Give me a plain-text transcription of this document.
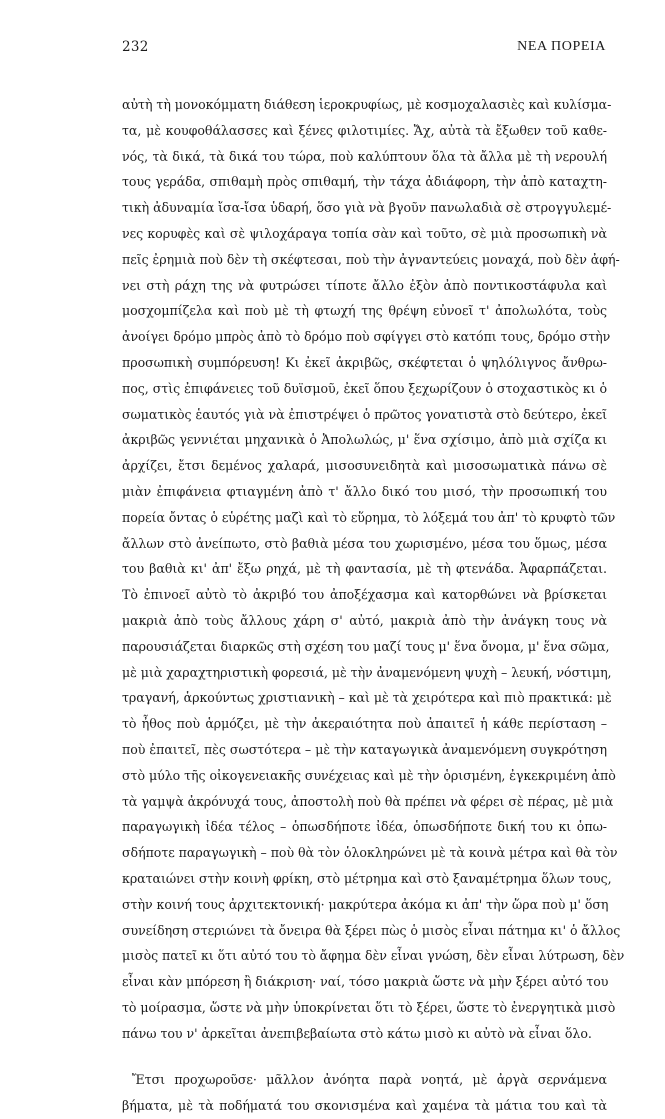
232	ΝΕΑ ΠΟΡΕΙΑ
αὐτὴ τὴ μονοκόμματη διάθεση ἱεροκρυφίως, μὲ κοσμοχαλασιὲς καὶ κυλίσμα-
τα, μὲ κουφοθάλασσες καὶ ξένες φιλοτιμίες. Ἄχ, αὐτὰ τὰ ἔξωθεν τοῦ καθε-
νός, τὰ δικά, τὰ δικά του τώρα, ποὺ καλύπτουν ὅλα τὰ ἄλλα μὲ τὴ νερουλή
τους γεράδα, σπιθαμὴ πρὸς σπιθαμή, τὴν τάχα ἀδιάφορη, τὴν ἀπὸ καταχτη-
τικὴ ἀδυναμία ἴσα-ἴσα ὑδαρή, ὅσο γιὰ νὰ βγοῦν πανωλαδιὰ σὲ στρογγυλεμέ-
νες κορυφὲς καὶ σὲ ψιλοχάραγα τοπία σὰν καὶ τοῦτο, σὲ μιὰ προσωπικὴ νὰ
πεῖς ἐρημιὰ ποὺ δὲν τὴ σκέφτεσαι, ποὺ τὴν ἀγναντεύεις μοναχά, ποὺ δὲν ἀφή-
νει στὴ ράχη της νὰ φυτρώσει τίποτε ἄλλο ἐξὸν ἀπὸ ποντικοστάφυλα καὶ
μοσχομπίζελα καὶ ποὺ μὲ τὴ φτωχή της θρέψη εὐνοεῖ τ' ἀπολωλότα, τοὺς
ἀνοίγει δρόμο μπρὸς ἀπὸ τὸ δρόμο ποὺ σφίγγει στὸ κατόπι τους, δρόμο στὴν
προσωπικὴ συμπόρευση! Κι ἐκεῖ ἀκριβῶς, σκέφτεται ὁ ψηλόλιγνος ἄνθρω-
πος, στὶς ἐπιφάνειες τοῦ δυϊσμοῦ, ἐκεῖ ὅπου ξεχωρίζουν ὁ στοχαστικὸς κι ὁ
σωματικὸς ἑαυτός γιὰ νὰ ἐπιστρέψει ὁ πρῶτος γονατιστὰ στὸ δεύτερο, ἐκεῖ
ἀκριβῶς γεννιέται μηχανικὰ ὁ Ἀπολωλώς, μ' ἕνα σχίσιμο, ἀπὸ μιὰ σχίζα κι
ἀρχίζει, ἔτσι δεμένος χαλαρά, μισοσυνειδητὰ καὶ μισοσωματικὰ πάνω σὲ
μιὰν ἐπιφάνεια φτιαγμένη ἀπὸ τ' ἄλλο δικό του μισό, τὴν προσωπική του
πορεία ὄντας ὁ εὑρέτης μαζὶ καὶ τὸ εὕρημα, τὸ λόξεμά του ἀπ' τὸ κρυφτὸ τῶν
ἄλλων στὸ ἀνείπωτο, στὸ βαθιὰ μέσα του χωρισμένο, μέσα του ὅμως, μέσα
του βαθιὰ κι' ἀπ' ἔξω ρηχά, μὲ τὴ φαντασία, μὲ τὴ φτενάδα. Ἀφαρπάζεται.
Τὸ ἐπινοεῖ αὐτὸ τὸ ἀκριβό του ἀποξέχασμα καὶ κατορθώνει νὰ βρίσκεται
μακριὰ ἀπὸ τοὺς ἄλλους χάρη σ' αὐτό, μακριὰ ἀπὸ τὴν ἀνάγκη τους νὰ
παρουσιάζεται διαρκῶς στὴ σχέση του μαζί τους μ' ἕνα ὄνομα, μ' ἕνα σῶμα,
μὲ μιὰ χαραχτηριστικὴ φορεσιά, μὲ τὴν ἀναμενόμενη ψυχὴ – λευκή, νόστιμη,
τραγανή, ἁρκούντως χριστιανικὴ – καὶ μὲ τὰ χειρότερα καὶ πιὸ πρακτικά: μὲ
τὸ ἦθος ποὺ ἁρμόζει, μὲ τὴν ἀκεραιότητα ποὺ ἀπαιτεῖ ἡ κάθε περίσταση –
ποὺ ἐπαιτεῖ, πὲς σωστότερα – μὲ τὴν καταγωγικὰ ἀναμενόμενη συγκρότηση
στὸ μύλο τῆς οἰκογενειακῆς συνέχειας καὶ μὲ τὴν ὁρισμένη, ἐγκεκριμένη ἀπὸ
τὰ γαμψὰ ἀκρόνυχά τους, ἀποστολὴ ποὺ θὰ πρέπει νὰ φέρει σὲ πέρας, μὲ μιὰ
παραγωγικὴ ἰδέα τέλος – ὁπωσδήποτε ἰδέα, ὁπωσδήποτε δική του κι ὁπω-
σδήποτε παραγωγικὴ – ποὺ θὰ τὸν ὁλοκληρώνει μὲ τὰ κοινὰ μέτρα καὶ θὰ τὸν
κραταιώνει στὴν κοινὴ φρίκη, στὸ μέτρημα καὶ στὸ ξαναμέτρημα ὅλων τους,
στὴν κοινή τους ἀρχιτεκτονική· μακρύτερα ἀκόμα κι ἀπ' τὴν ὥρα ποὺ μ' ὅση
συνείδηση στεριώνει τὰ ὄνειρα θὰ ξέρει πὼς ὁ μισὸς εἶναι πάτημα κι' ὁ ἄλλος
μισὸς πατεῖ κι ὅτι αὐτό του τὸ ἄφημα δὲν εἶναι γνώση, δὲν εἶναι λύτρωση, δὲν
εἶναι κὰν μπόρεση ἢ διάκριση· ναί, τόσο μακριὰ ὥστε νὰ μὴν ξέρει αὐτό του
τὸ μοίρασμα, ὥστε νὰ μὴν ὑποκρίνεται ὅτι τὸ ξέρει, ὥστε τὸ ἐνεργητικὰ μισὸ
πάνω του ν' ἀρκεῖται ἀνεπιβεβαίωτα στὸ κάτω μισὸ κι αὐτὸ νὰ εἶναι ὅλο.
Ἔτσι προχωροῦσε· μᾶλλον ἀνόητα παρὰ νοητά, μὲ ἀργὰ σερνάμενα
βήματα, μὲ τὰ ποδήματά του σκονισμένα καὶ χαμένα τὰ μάτια του καὶ τὰ
